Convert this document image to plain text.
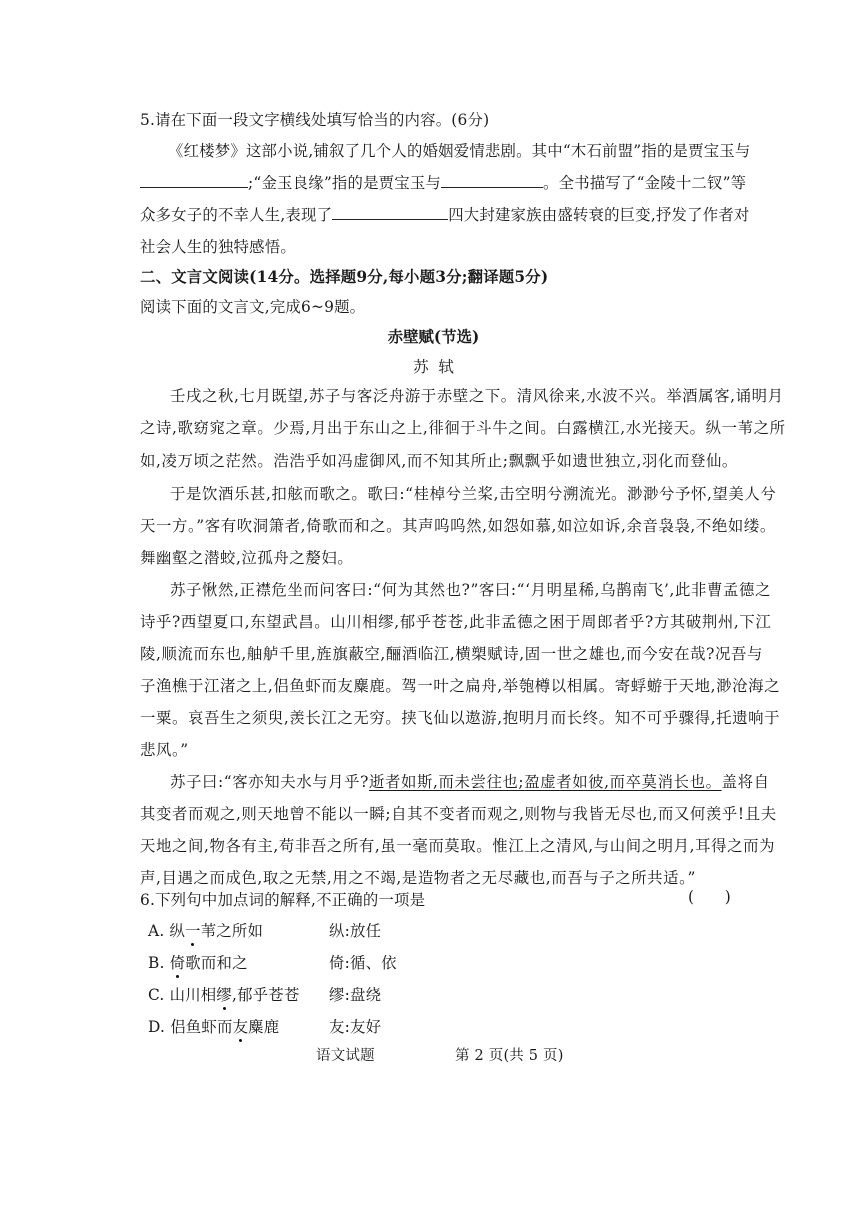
5.请在下面一段文字横线处填写恰当的内容。(6分)
《红楼梦》这部小说,铺叙了几个人的婚姻爱情悲剧。其中“木石前盟”指的是贾宝玉与
;“金玉良缘”指的是贾宝玉与	。全书描写了“金陵十二钗”等
众多女子的不幸人生,表现了	四大封建家族由盛转衰的巨变,抒发了作者对
社会人生的独特感悟。
二、文言文阅读(14分。选择题9分,每小题3分;翻译题5分)
阅读下面的文言文,完成6~9题。
赤壁赋(节选)
苏  轼
壬戌之秋,七月既望,苏子与客泛舟游于赤壁之下。清风徐来,水波不兴。举酒属客,诵明月
之诗,歌窈窕之章。少焉,月出于东山之上,徘徊于斗牛之间。白露横江,水光接天。纵一苇之所
如,凌万顷之茫然。浩浩乎如冯虚御风,而不知其所止;飘飘乎如遗世独立,羽化而登仙。
于是饮酒乐甚,扣舷而歌之。歌曰:“桂棹兮兰桨,击空明兮溯流光。渺渺兮予怀,望美人兮
天一方。”客有吹洞箫者,倚歌而和之。其声呜呜然,如怨如慕,如泣如诉,余音袅袅,不绝如缕。
舞幽壑之潜蛟,泣孤舟之嫠妇。
苏子愀然,正襟危坐而问客曰:“何为其然也?”客曰:“‘月明星稀,乌鹊南飞’,此非曹孟德之
诗乎?西望夏口,东望武昌。山川相缪,郁乎苍苍,此非孟德之困于周郎者乎?方其破荆州,下江
陵,顺流而东也,舳舻千里,旌旗蔽空,酾酒临江,横槊赋诗,固一世之雄也,而今安在哉?况吾与
子渔樵于江渚之上,侣鱼虾而友麋鹿。驾一叶之扁舟,举匏樽以相属。寄蜉蝣于天地,渺沧海之
一粟。哀吾生之须臾,羡长江之无穷。挟飞仙以遨游,抱明月而长终。知不可乎骤得,托遗响于
悲风。”
苏子曰:“客亦知夫水与月乎?逝者如斯,而未尝往也;盈虚者如彼,而卒莫消长也。盖将自
其变者而观之,则天地曾不能以一瞬;自其不变者而观之,则物与我皆无尽也,而又何羡乎!且夫
天地之间,物各有主,苟非吾之所有,虽一毫而莫取。惟江上之清风,与山间之明月,耳得之而为
声,目遇之而成色,取之无禁,用之不竭,是造物者之无尽藏也,而吾与子之所共适。”
6.下列句中加点词的解释,不正确的一项是	(      )
A. 纵一苇之所如	纵:放任
B. 倚歌而和之	倚:循、依
C. 山川相缪,郁乎苍苍 缪:盘绕
D. 侣鱼虾而友麋鹿	友:友好
语文试题	第 2 页(共 5 页)
